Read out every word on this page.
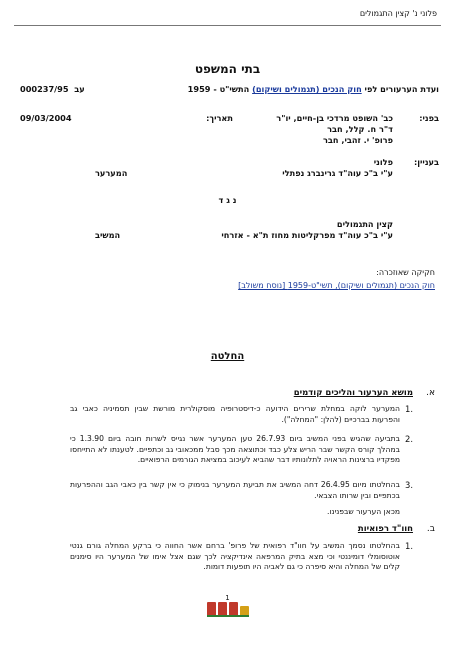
פלוני נ' קצין התגמולים
בתי המשפט
ועדת הערעורים לפי חוק הנכים (תגמולים ושיקום) התשי"ט - 1959
000237/95 עב
בפני:
כב' השופט מרדכי בן-חיים, יו"ר
תאריך:
09/03/2004
ד"ר ח. קלל, חבר
פרופ' י. זהבי, חבר
בעניין:
פלוני
ע"י ב"כ עוה"ד גרינברג נפתלי
המערער
נ ג ד
קצין התגמולים
ע"י ב"כ עוה"ד מפרקליטות מחוז ת"א - אזרחי
המשיב
חקיקה שאוזכרה:
חוק הנכים (תגמולים ושיקום), תשי"ט-1959 [נוסח משולב]
החלטה
א.
מושא הערעור והליכים קודמים
1.
המערער לוקה במחלת שרירים הידועה כ-דיסטרופיה מוסקולרית מורשת שבין תסמיניה כאבי גב והפרעות בברכיים (להלן: "המחלה").
2.
בתביעה שהגיש בפני המשיב ביום 26.7.93 טען המערער אשר נגייס לשרות חובה ביום 1.3.90 כי במהלך קורס הקשר שבר הריש צלע כבד וכתוצאה מכך סבל ממכאובי גב וכתפיים. לטענתו לא התייחסו מפקדיו ברצינות הראויה לתלונותיו דבר שהביא לעיכוב במציאת הגורמים הרפואיים.
3.
בהחלטתו מיום 26.4.95 דחה המשיב את תביעת המערער בנימוק כי אין קשר בין כאבי הגב וההפרעות בכתפיים ובין שרותו הצבאי.
מכאן הערעור שבפנינו.
ב.
חוו"ד רפואיות
1.
בהחלטתו נסמך המשיב על חוו"ד רפואית של פרופ' ברחם אשר החווה כי ברקע המחלה גורם גנטי אוטוסומלי דומיננטי וכי מצא בתיק המרפאה אינדיקציה לכך שגם אצל אימו של המערער היו סימנים קלים של המחלה והיא סיפרה כי גם לאביה היו תופעות דומות.
1
